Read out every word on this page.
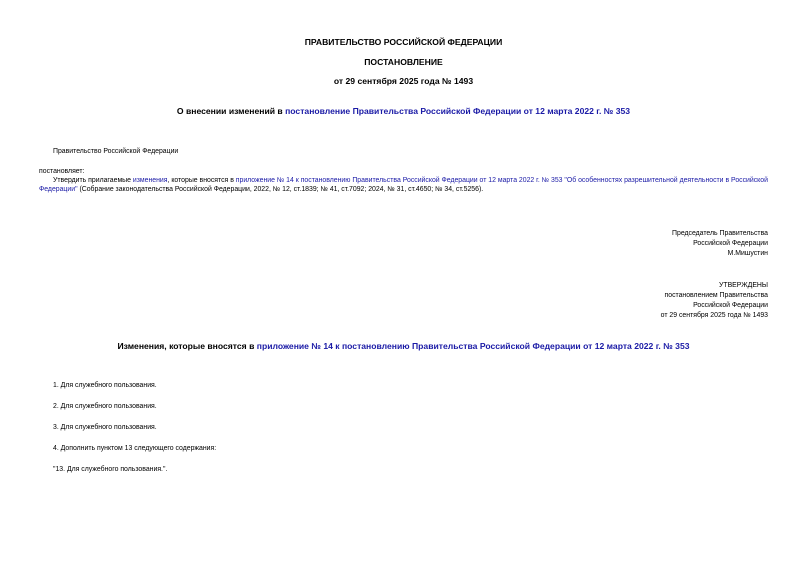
ПРАВИТЕЛЬСТВО РОССИЙСКОЙ ФЕДЕРАЦИИ
ПОСТАНОВЛЕНИЕ
от 29 сентября 2025 года № 1493
О внесении изменений в постановление Правительства Российской Федерации от 12 марта 2022 г. № 353
Правительство Российской Федерации
постановляет:
Утвердить прилагаемые изменения, которые вносятся в приложение № 14 к постановлению Правительства Российской Федерации от 12 марта 2022 г. № 353 "Об особенностях разрешительной деятельности в Российской Федерации" (Собрание законодательства Российской Федерации, 2022, № 12, ст.1839; № 41, ст.7092; 2024, № 31, ст.4650; № 34, ст.5256).
Председатель Правительства
Российской Федерации
М.Мишустин
УТВЕРЖДЕНЫ
постановлением Правительства
Российской Федерации
от 29 сентября 2025 года № 1493
Изменения, которые вносятся в приложение № 14 к постановлению Правительства Российской Федерации от 12 марта 2022 г. № 353
1. Для служебного пользования.
2. Для служебного пользования.
3. Для служебного пользования.
4. Дополнить пунктом 13 следующего содержания:
"13. Для служебного пользования.".
